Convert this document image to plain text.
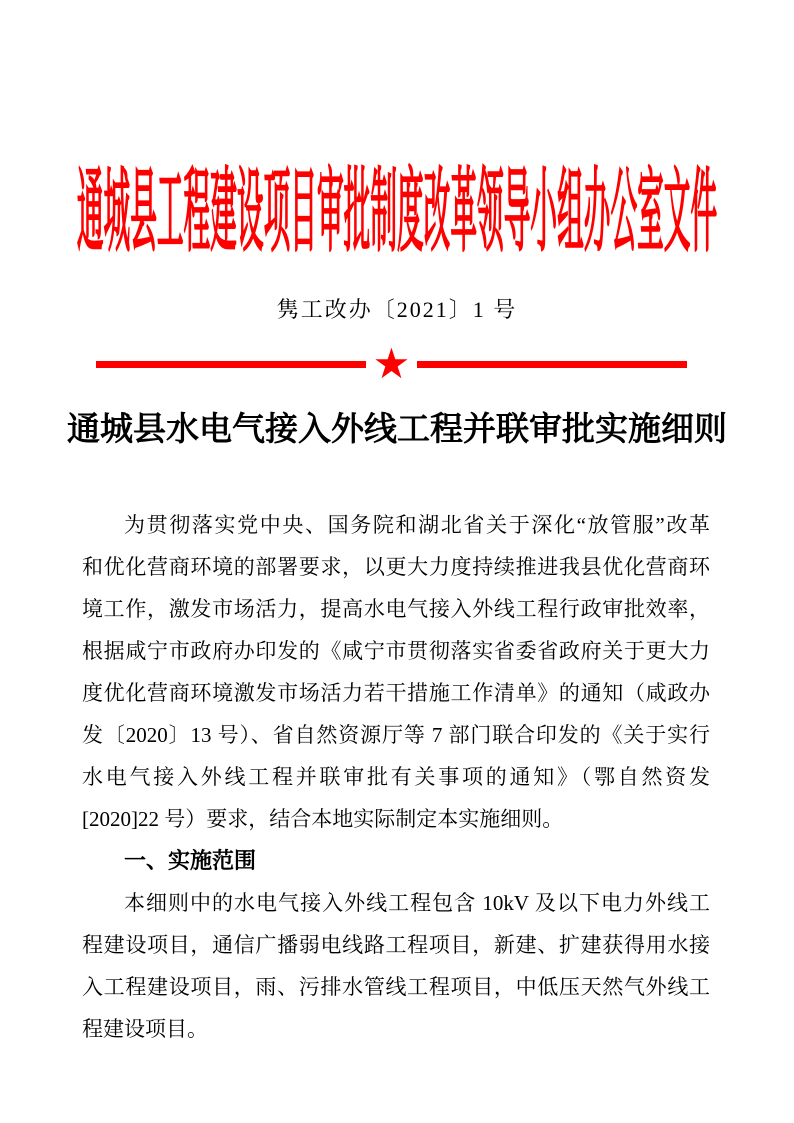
通城县工程建设项目审批制度改革领导小组办公室文件
隽工改办〔2021〕1 号
★
通城县水电气接入外线工程并联审批实施细则
为贯彻落实党中央、国务院和湖北省关于深化“放管服”改革
和优化营商环境的部署要求，以更大力度持续推进我县优化营商环
境工作，激发市场活力，提高水电气接入外线工程行政审批效率，
根据咸宁市政府办印发的《咸宁市贯彻落实省委省政府关于更大力
度优化营商环境激发市场活力若干措施工作清单》的通知（咸政办
发〔2020〕13 号）、省自然资源厅等 7 部门联合印发的《关于实行
水电气接入外线工程并联审批有关事项的通知》（鄂自然资发
[2020]22 号）要求，结合本地实际制定本实施细则。
一、实施范围
本细则中的水电气接入外线工程包含 10kV 及以下电力外线工
程建设项目，通信广播弱电线路工程项目，新建、扩建获得用水接
入工程建设项目，雨、污排水管线工程项目，中低压天然气外线工
程建设项目。
